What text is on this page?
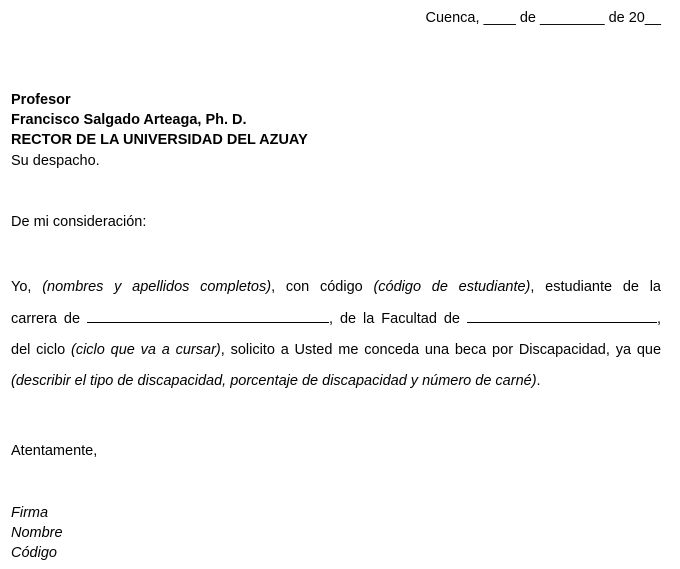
Cuenca, ____ de ________ de 20__
Profesor
Francisco Salgado Arteaga, Ph. D.
RECTOR DE LA UNIVERSIDAD DEL AZUAY
Su despacho.
De mi consideración:
Yo, (nombres y apellidos completos), con código (código de estudiante), estudiante de la
carrera de	, de la Facultad de	,
del ciclo (ciclo que va a cursar), solicito a Usted me conceda una beca por Discapacidad, ya que
(describir el tipo de discapacidad, porcentaje de discapacidad y número de carné).
Atentamente,
Firma
Nombre
Código
